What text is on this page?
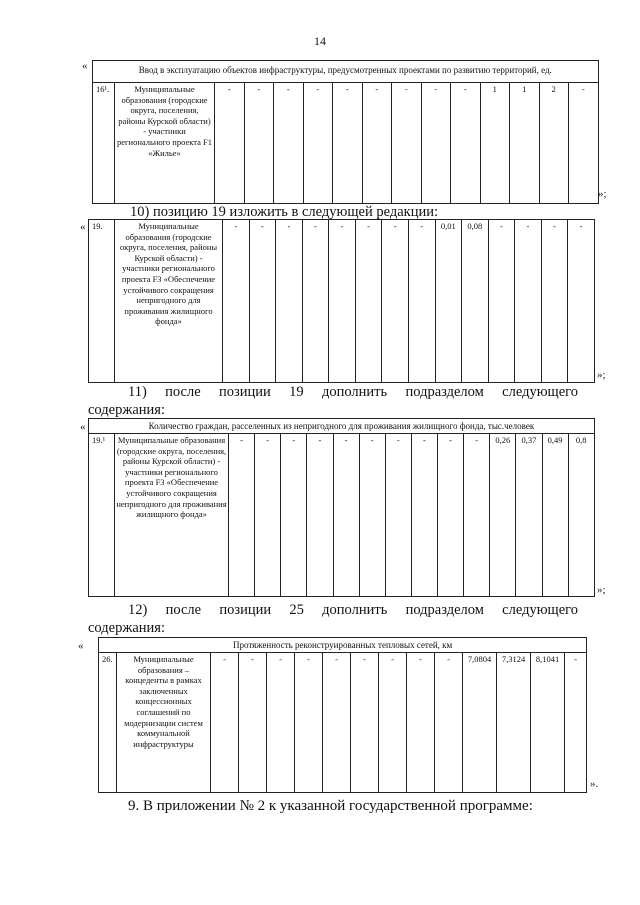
14
«	Ввод в эксплуатацию объектов инфраструктуры, предусмотренных проектами по развитию территорий, ед.
16¹.	Муниципальные образования (городские округа, поселения, районы Курской области) - участники регионального проекта F1 «Жилье»	-	-	-	-	-	-	-	-	-	1	1	2	-
»;
10) позицию 19 изложить в следующей редакции:
« 19.	Муниципальные образования (городские округа, поселения, районы Курской области) - участники регионального проекта F3 «Обеспечение устойчивого сокращения непригодного для проживания жилищного фонда»	-	-	-	-	-	-	-	-	0,01	0,08	-	-	-	-
»;
11) после позиции 19 дополнить подразделом следующего
содержания:
«	Количество граждан, расселенных из непригодного для проживания жилищного фонда, тыс.человек
19.¹	Муниципальные образования (городские округа, поселения, районы Курской области) - участники регионального проекта F3 «Обеспечение устойчивого сокращения непригодного для проживания жилищного фонда»	-	-	-	-	-	-	-	-	-	-	0,26	0,37	0,49	0,8
»;
12) после позиции 25 дополнить подразделом следующего
содержания:
«	Протяженность реконструированных тепловых сетей, км
26.	Муниципальные образования – концеденты в рамках заключенных концессионных соглашений по модернизации систем коммунальной инфраструктуры	-	-	-	-	-	-	-	-	-	7,0804	7,3124	8,1041	-
».
9. В приложении № 2 к указанной государственной программе:
